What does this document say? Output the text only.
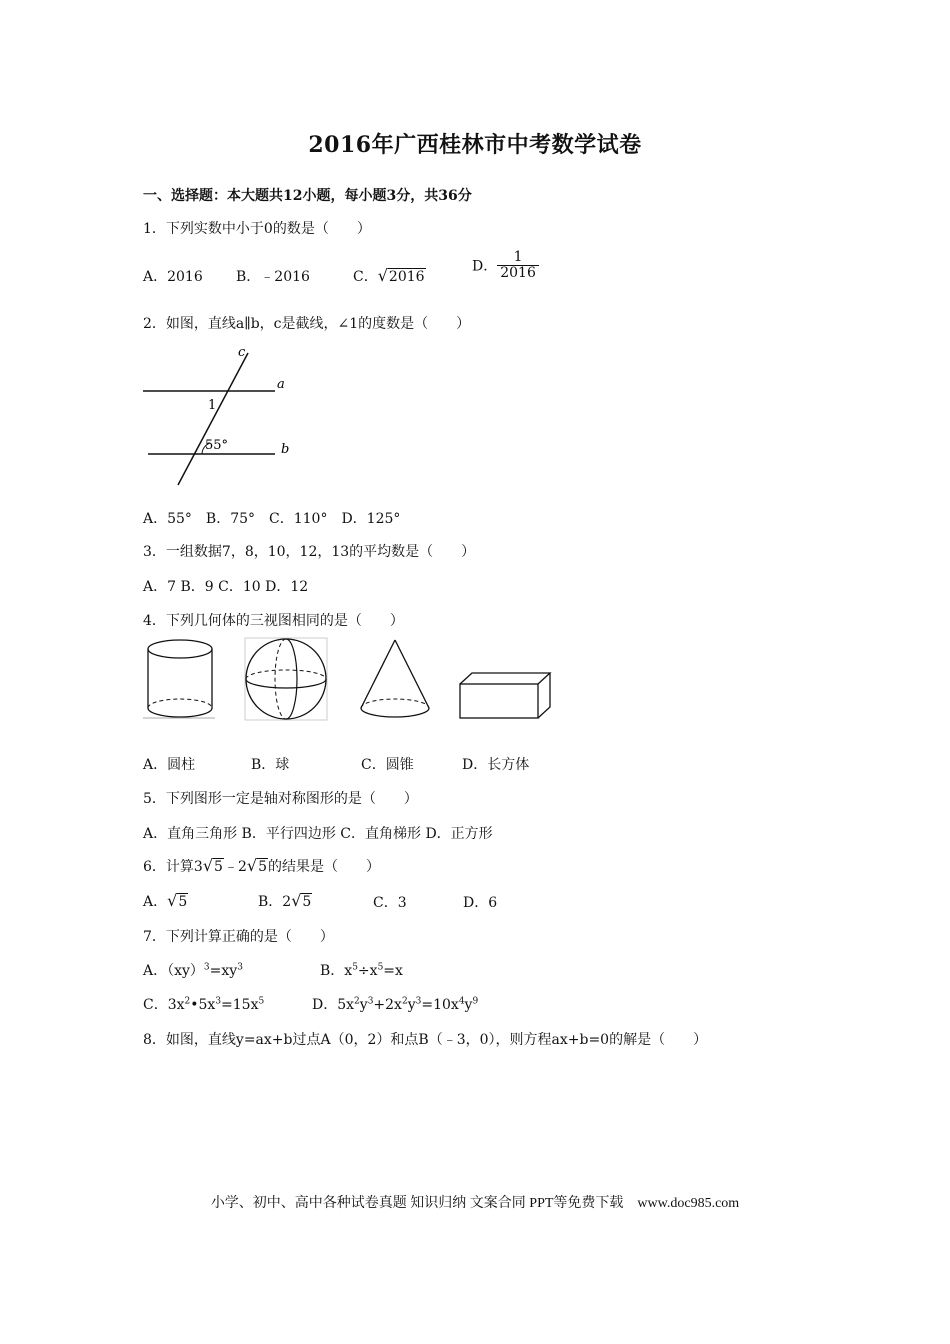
2016年广西桂林市中考数学试卷
一、选择题：本大题共12小题，每小题3分，共36分
1．下列实数中小于0的数是（　　）
A．2016 B．﹣2016	C．√2016
D． $\frac{1}{2016}$
2．如图，直线a∥b，c是截线，∠1的度数是（　　）
c
a
b
1
55°
A．55°　B．75°　C．110°　D．125°
3．一组数据7，8，10，12，13的平均数是（　　）
A．7 B．9 C．10 D．12
4．下列几何体的三视图相同的是（　　）
A．圆柱	B．球	C．圆锥	D．长方体
5．下列图形一定是轴对称图形的是（　　）
A．直角三角形 B．平行四边形 C．直角梯形 D．正方形
6．计算3√5﹣2√5的结果是（　　）
A．√5	B．2√5	C．3	D．6
7．下列计算正确的是（　　）
A．$(xy)^3=xy^3$	B．$x^5\div x^5=x$
C．$3x^2•5x^3=15x^5$	D．$5x^2y^3+2x^2y^3=10x^4y^9$
8．如图，直线y=ax+b过点A（0，2）和点B（﹣3，0），则方程ax+b=0的解是（　　）
小学、初中、高中各种试卷真题 知识归纳 文案合同 PPT等免费下载　www.doc985.com
